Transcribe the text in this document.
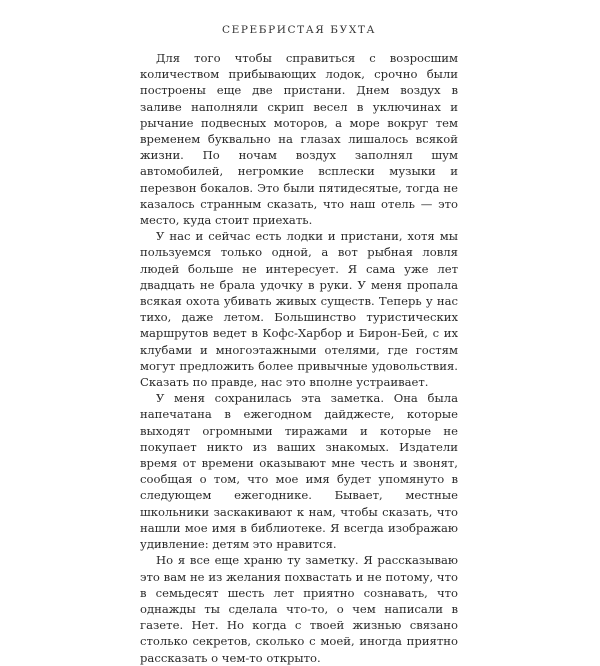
СЕРЕБРИСТАЯ БУХТА

Для того чтобы справиться с возросшим количеством прибывающих лодок, срочно были построены еще две пристани. Днем воздух в заливе наполняли скрип весел в уключинах и рычание подвесных моторов, а море вокруг тем временем буквально на глазах лишалось всякой жизни. По ночам воздух заполнял шум автомобилей, негромкие всплески музыки и перезвон бокалов. Это были пятидесятые, тогда не казалось странным сказать, что наш отель — это место, куда стоит приехать.

У нас и сейчас есть лодки и пристани, хотя мы пользуемся только одной, а вот рыбная ловля людей больше не интересует. Я сама уже лет двадцать не брала удочку в руки. У меня пропала всякая охота убивать живых существ. Теперь у нас тихо, даже летом. Большинство туристических маршрутов ведет в Кофс-Харбор и Бирон-Бей, с их клубами и многоэтажными отелями, где гостям могут предложить более привычные удовольствия. Сказать по правде, нас это вполне устраивает.

У меня сохранилась эта заметка. Она была напечатана в ежегодном дайджесте, которые выходят огромными тиражами и которые не покупает никто из ваших знакомых. Издатели время от времени оказывают мне честь и звонят, сообщая о том, что мое имя будет упомянуто в следующем ежегоднике. Бывает, местные школьники заскакивают к нам, чтобы сказать, что нашли мое имя в библиотеке. Я всегда изображаю удивление: детям это нравится.

Но я все еще храню ту заметку. Я рассказываю это вам не из желания похвастать и не потому, что в семьдесят шесть лет приятно сознавать, что однажды ты сделала что-то, о чем написали в газете. Нет. Но когда с твоей жизнью связано столько секретов, сколько с моей, иногда приятно рассказать о чем-то открыто.
